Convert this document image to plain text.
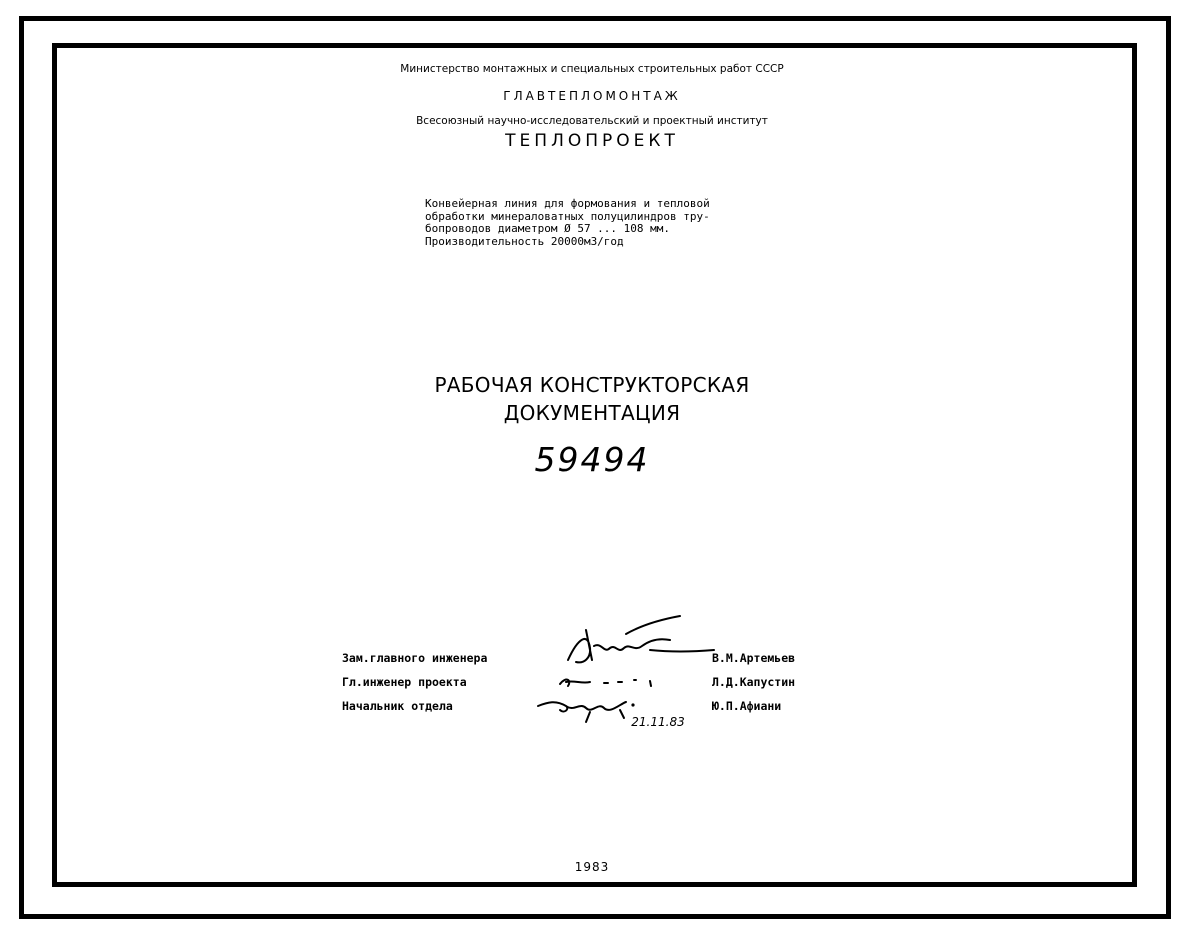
Министерство монтажных и специальных строительных работ СССР
ГЛАВТЕПЛОМОНТАЖ
Всесоюзный научно-исследовательский и проектный институт
ТЕПЛОПРОЕКТ
Конвейерная линия для формования и тепловой
обработки минераловатных полуцилиндров тру-
бопроводов диаметром Ø 57 ... 108 мм.
Производительность 20000м3/год
РАБОЧАЯ КОНСТРУКТОРСКАЯ
ДОКУМЕНТАЦИЯ
59494
21.11.83
Зам.главного инженера	В.М.Артемьев
Гл.инженер проекта	Л.Д.Капустин
Начальник отдела	Ю.П.Афиани
1983
